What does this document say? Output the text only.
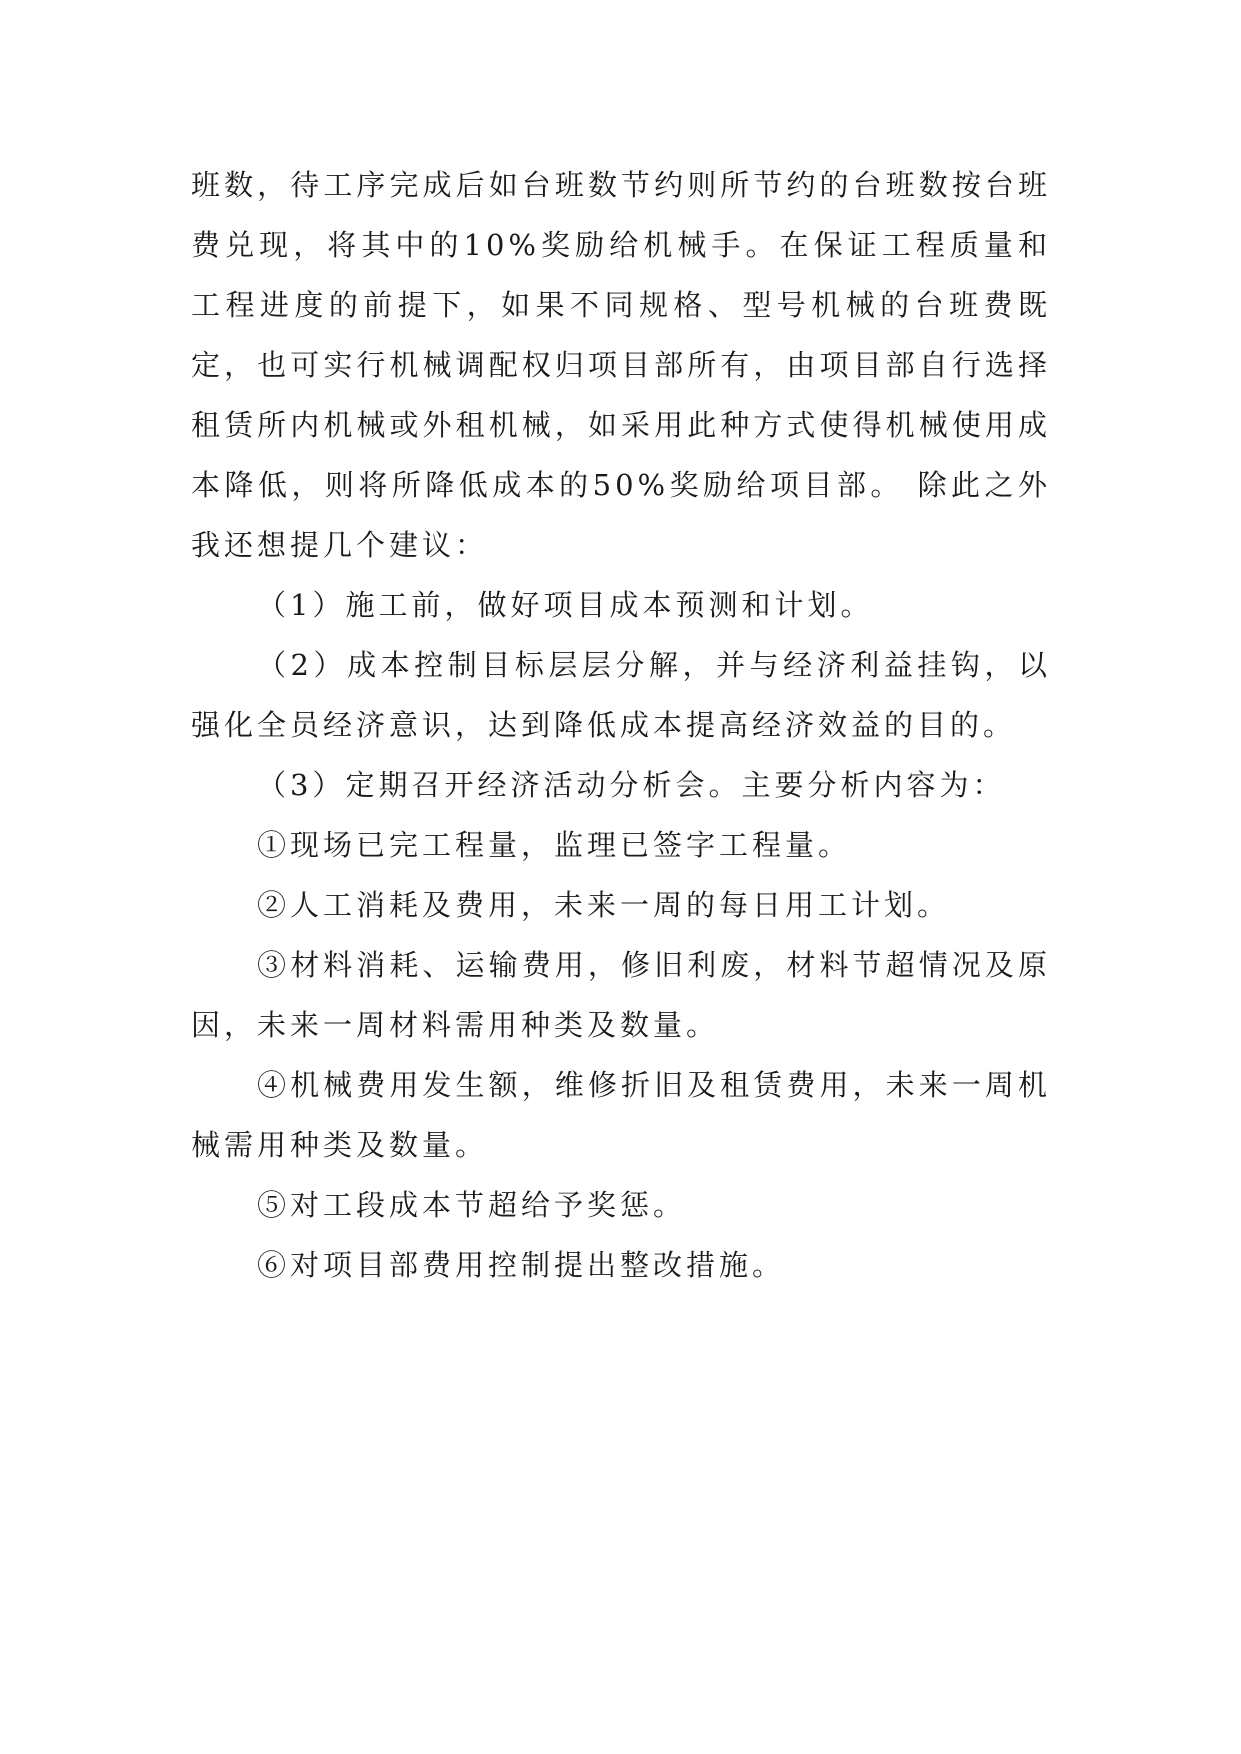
班数，待工序完成后如台班数节约则所节约的台班数按台班费兑现，将其中的10%奖励给机械手。在保证工程质量和工程进度的前提下，如果不同规格、型号机械的台班费既定，也可实行机械调配权归项目部所有，由项目部自行选择租赁所内机械或外租机械，如采用此种方式使得机械使用成本降低，则将所降低成本的50%奖励给项目部。 除此之外我还想提几个建议：

（1）施工前，做好项目成本预测和计划。

（2）成本控制目标层层分解，并与经济利益挂钩，以强化全员经济意识，达到降低成本提高经济效益的目的。

（3）定期召开经济活动分析会。主要分析内容为：

①现场已完工程量，监理已签字工程量。

②人工消耗及费用，未来一周的每日用工计划。

③材料消耗、运输费用，修旧利废，材料节超情况及原因，未来一周材料需用种类及数量。

④机械费用发生额，维修折旧及租赁费用，未来一周机械需用种类及数量。

⑤对工段成本节超给予奖惩。

⑥对项目部费用控制提出整改措施。
